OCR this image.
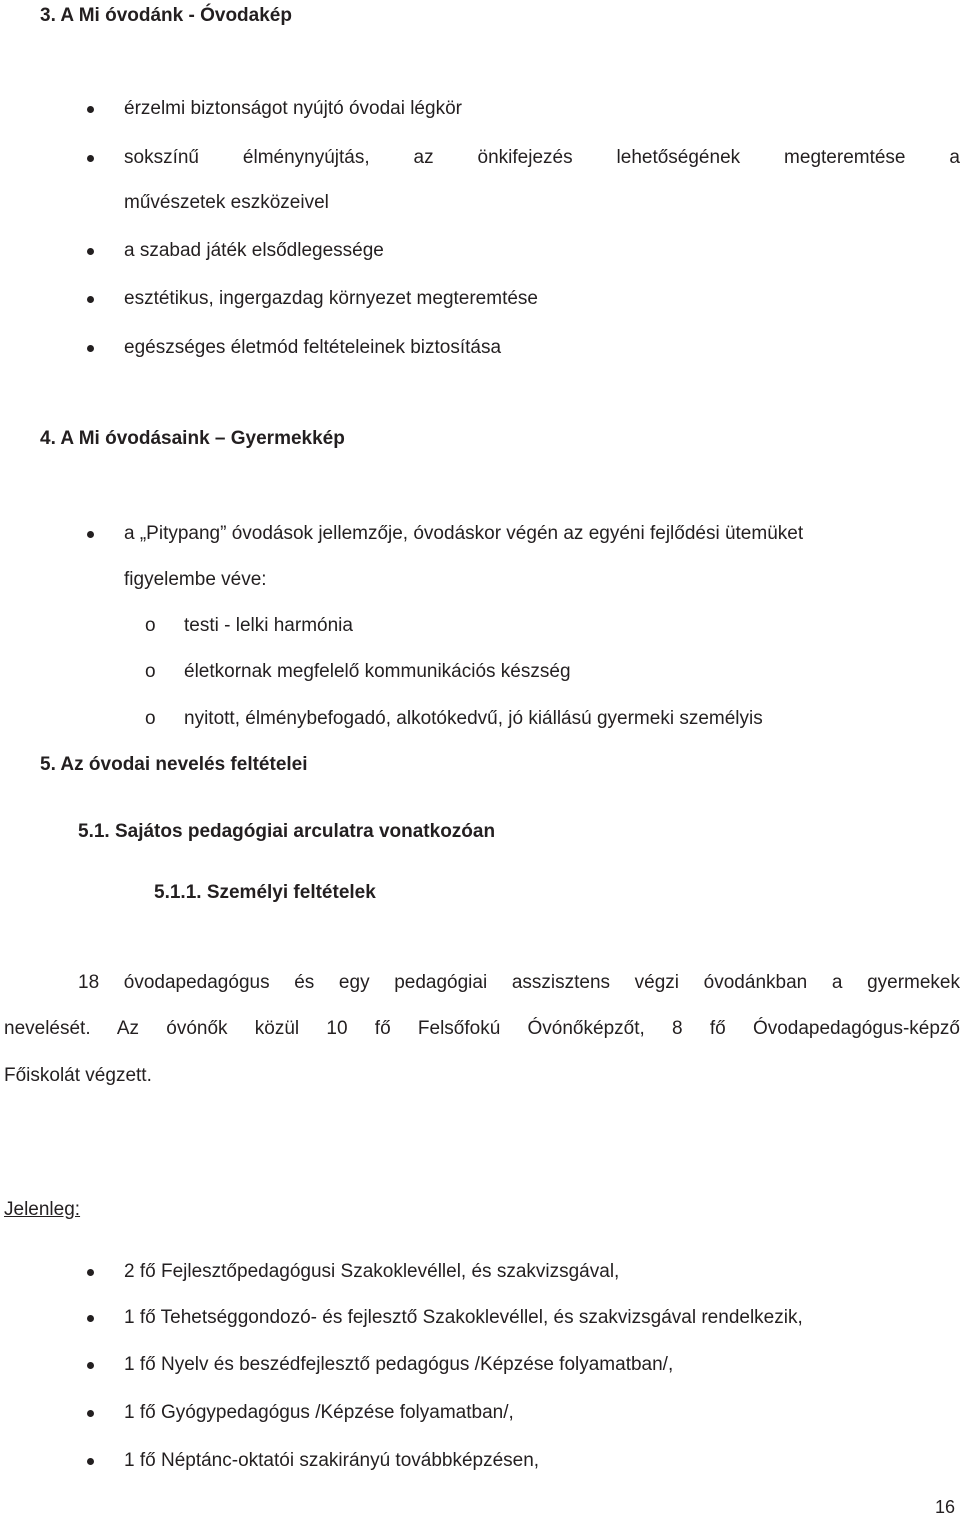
3. A Mi óvodánk - Óvodakép
érzelmi biztonságot nyújtó óvodai légkör
sokszínű élménynyújtás, az önkifejezés lehetőségének megteremtése a
művészetek eszközeivel
a szabad játék elsődlegessége
esztétikus, ingergazdag környezet megteremtése
egészséges életmód feltételeinek biztosítása
4. A Mi óvodásaink – Gyermekkép
a „Pitypang” óvodások jellemzője, óvodáskor végén az egyéni fejlődési ütemüket
figyelembe véve:
o testi - lelki harmónia
o életkornak megfelelő kommunikációs készség
o nyitott, élménybefogadó, alkotókedvű, jó kiállású gyermeki személyis
5. Az óvodai nevelés feltételei
5.1. Sajátos pedagógiai arculatra vonatkozóan
5.1.1. Személyi feltételek
18 óvodapedagógus és egy pedagógiai asszisztens végzi óvodánkban a gyermekek
nevelését. Az óvónők közül 10 fő Felsőfokú Óvónőképzőt, 8 fő Óvodapedagógus-képző
Főiskolát végzett.
Jelenleg:
2 fő Fejlesztőpedagógusi Szakoklevéllel, és szakvizsgával,
1 fő Tehetséggondozó- és fejlesztő Szakoklevéllel, és szakvizsgával rendelkezik,
1 fő Nyelv és beszédfejlesztő pedagógus /Képzése folyamatban/,
1 fő Gyógypedagógus /Képzése folyamatban/,
1 fő Néptánc-oktatói szakirányú továbbképzésen,
16
